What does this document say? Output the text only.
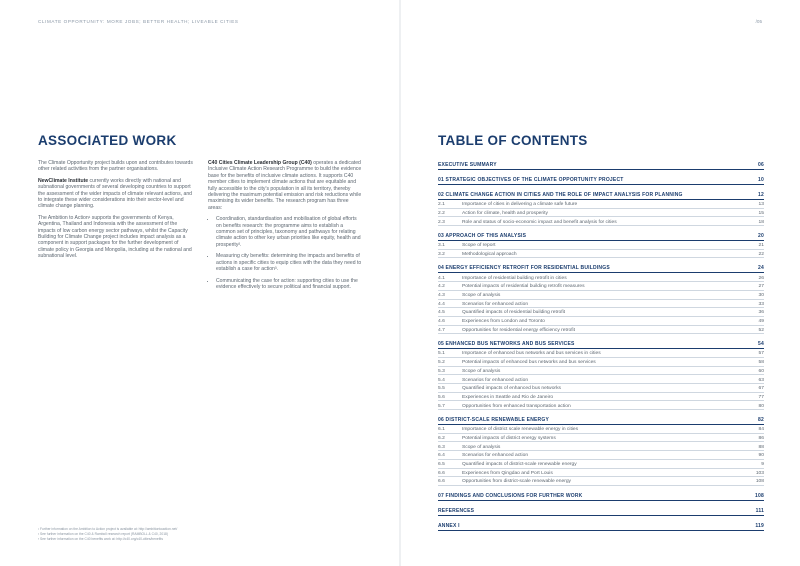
CLIMATE OPPORTUNITY: MORE JOBS; BETTER HEALTH; LIVEABLE CITIES
ASSOCIATED WORK

The Climate Opportunity project builds upon and contributes towards other related activities from the partner organisations.

NewClimate Institute currently works directly with national and subnational governments of several developing countries to support the assessment of the wider impacts of climate relevant actions, and to integrate these wider considerations into their sector-level and climate change planning.

The Ambition to Action¹ supports the governments of Kenya, Argentina, Thailand and Indonesia with the assessment of the impacts of low carbon energy sector pathways, whilst the Capacity Building for Climate Change project includes impact analysis as a component in support packages for the further development of climate policy in Georgia and Mongolia, including at the national and subnational level.

C40 Cities Climate Leadership Group (C40) operates a dedicated Inclusive Climate Action Research Programme to build the evidence base for the benefits of inclusive climate actions. It supports C40 member cities to implement climate actions that are equitable and fully accessible to the city's population in all its territory, thereby delivering the maximum potential emission and risk reductions while maximising its wider benefits. The research program has three areas:

• Coordination, standardisation and mobilisation of global efforts on benefits research: the programme aims to establish a common set of principles, taxonomy and pathways for relating climate action to other key urban priorities like equity, health and prosperity².
• Measuring city benefits: determining the impacts and benefits of actions in specific cities to equip cities with the data they need to establish a case for action³.
• Communicating the case for action: supporting cities to use the evidence effectively to secure political and financial support.
¹ Further information on the Ambition to Action project is available at: http://ambitiontoaction.net/
² See further information on the C40 & Ramboll research report (RAMBOLL & C40, 2018)
³ See further information on the C40 benefits work at: http://c40.org/c40-cities/benefits
/05
TABLE OF CONTENTS
EXECUTIVE SUMMARY	06
01 STRATEGIC OBJECTIVES OF THE CLIMATE OPPORTUNITY PROJECT	10
02 CLIMATE CHANGE ACTION IN CITIES AND THE ROLE OF IMPACT ANALYSIS FOR PLANNING	12
2.1	Importance of cities in delivering a climate safe future	13
2.2	Action for climate, health and prosperity	15
2.3	Role and status of socio-economic impact and benefit analysis for cities	18
03 APPROACH OF THIS ANALYSIS	20
3.1	Scope of report	21
3.2	Methodological approach	22
04 ENERGY EFFICIENCY RETROFIT FOR RESIDENTIAL BUILDINGS	24
4.1	Importance of residential building retrofit in cities	26
4.2	Potential impacts of residential building retrofit measures	27
4.3	Scope of analysis	30
4.4	Scenarios for enhanced action	33
4.5	Quantified impacts of residential building retrofit	36
4.6	Experiences from London and Toronto	49
4.7	Opportunities for residential energy efficiency retrofit	52
05 ENHANCED BUS NETWORKS AND BUS SERVICES	54
5.1	Importance of enhanced bus networks and bus services in cities	57
5.2	Potential impacts of enhanced bus networks and bus services	58
5.3	Scope of analysis	60
5.4	Scenarios for enhanced action	63
5.5	Quantified impacts of enhanced bus networks	67
5.6	Experiences in Seattle and Rio de Janeiro	77
5.7	Opportunities from enhanced transportation action	80
06 DISTRICT-SCALE RENEWABLE ENERGY	82
6.1	Importance of district scale renewable energy in cities	84
6.2	Potential impacts of district energy systems	86
6.3	Scope of analysis	88
6.4	Scenarios for enhanced action	90
6.5	Quantified impacts of district-scale renewable energy	9
6.6	Experiences from Qingdao and Port Louis	103
6.6	Opportunities from district-scale renewable energy	108
07 FINDINGS AND CONCLUSIONS FOR FURTHER WORK	108
REFERENCES	111
ANNEX I	119
